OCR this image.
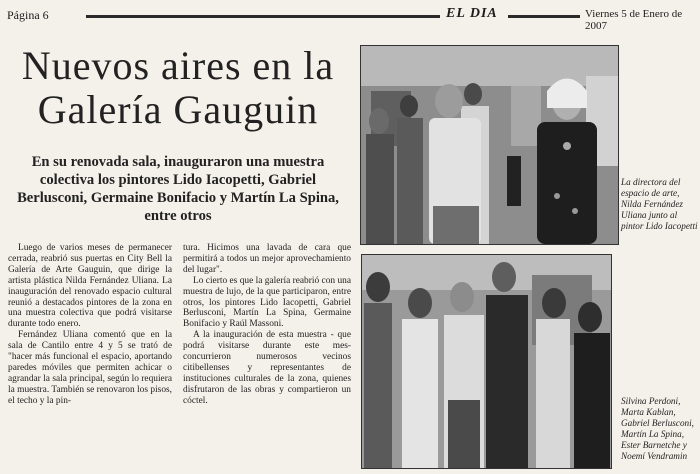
Página 6	EL DIA	Viernes 5 de Enero de 2007
Nuevos aires en la
Galería Gauguin
En su renovada sala, inauguraron una muestra colectiva los pintores Lido Iacopetti, Gabriel Berlusconi, Germaine Bonifacio y Martín La Spina, entre otros

Luego de varios meses de permanecer cerrada, reabrió sus puertas en City Bell la Galería de Arte Gauguin, que dirige la artista plástica Nilda Fernández Uliana. La inauguración del renovado espacio cultural reunió a destacados pintores de la zona en una muestra colectiva que podrá visitarse durante todo enero.

Fernández Uliana comentó que en la sala de Cantilo entre 4 y 5 se trató de "hacer más funcional el espacio, aportando paredes móviles que permiten achicar o agrandar la sala principal, según lo requiera la muestra. También se renovaron los pisos, el techo y la pin-

tura. Hicimos una lavada de cara que permitirá a todos un mejor aprovechamiento del lugar".

Lo cierto es que la galería reabrió con una muestra de lujo, de la que participaron, entre otros, los pintores Lido Iacopetti, Gabriel Berlusconi, Martín La Spina, Germaine Bonifacio y Raúl Massoni.

A la inauguración de esta muestra - que podrá visitarse durante este mes- concurrieron numerosos vecinos citibellenses y representantes de instituciones culturales de la zona, quienes disfrutaron de las obras y compartieron un cóctel.

La directora del espacio de arte, Nilda Fernández Uliana junto al pintor Lido Iacopetti
Silvina Perdoni, Marta Kablan, Gabriel Berlusconi, Martín La Spina, Ester Barnetche y Noemí Vendramin
